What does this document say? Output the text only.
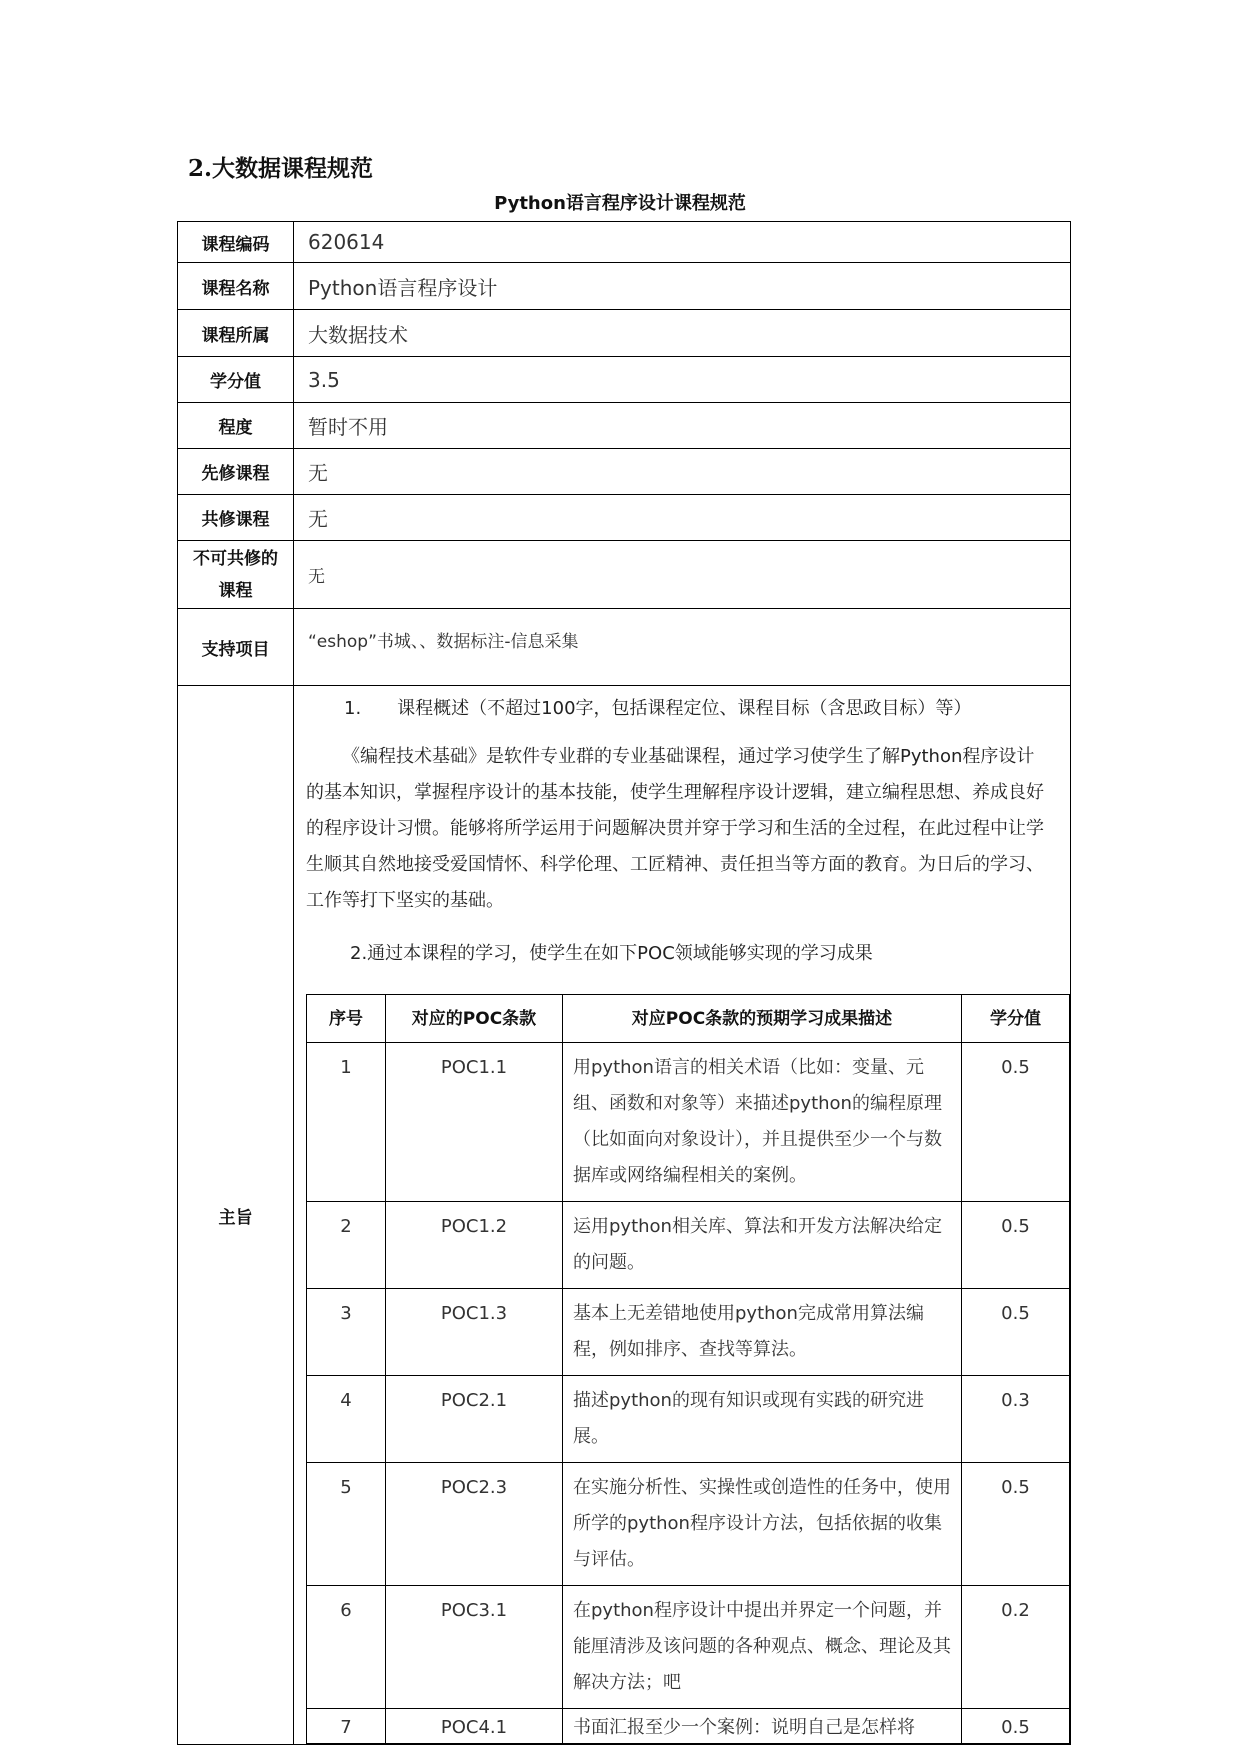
2.大数据课程规范
Python语言程序设计课程规范
课程编码	620614
课程名称	Python语言程序设计
课程所属	大数据技术
学分值	3.5
程度	暂时不用
先修课程	无
共修课程	无
不可共修的课程	无
支持项目	“eshop”书城、、数据标注-信息采集
主旨	
1.　　课程概述（不超过100字，包括课程定位、课程目标（含思政目标）等）
《编程技术基础》是软件专业群的专业基础课程，通过学习使学生了解Python程序设计的基本知识，掌握程序设计的基本技能，使学生理解程序设计逻辑，建立编程思想、养成良好的程序设计习惯。能够将所学运用于问题解决贯并穿于学习和生活的全过程，在此过程中让学生顺其自然地接受爱国情怀、科学伦理、工匠精神、责任担当等方面的教育。为日后的学习、工作等打下坚实的基础。
2.通过本课程的学习，使学生在如下POC领域能够实现的学习成果
序号	对应的POC条款	对应POC条款的预期学习成果描述	学分值
1	POC1.1	用python语言的相关术语（比如：变量、元组、函数和对象等）来描述python的编程原理（比如面向对象设计），并且提供至少一个与数据库或网络编程相关的案例。	0.5
2	POC1.2	运用python相关库、算法和开发方法解决给定的问题。	0.5
3	POC1.3	基本上无差错地使用python完成常用算法编程，例如排序、查找等算法。	0.5
4	POC2.1	描述python的现有知识或现有实践的研究进展。	0.3
5	POC2.3	在实施分析性、实操性或创造性的任务中，使用所学的python程序设计方法，包括依据的收集与评估。	0.5
6	POC3.1	在python程序设计中提出并界定一个问题，并能厘清涉及该问题的各种观点、概念、理论及其解决方法；吧	0.2
7	POC4.1	书面汇报至少一个案例：说明自己是怎样将	0.5
